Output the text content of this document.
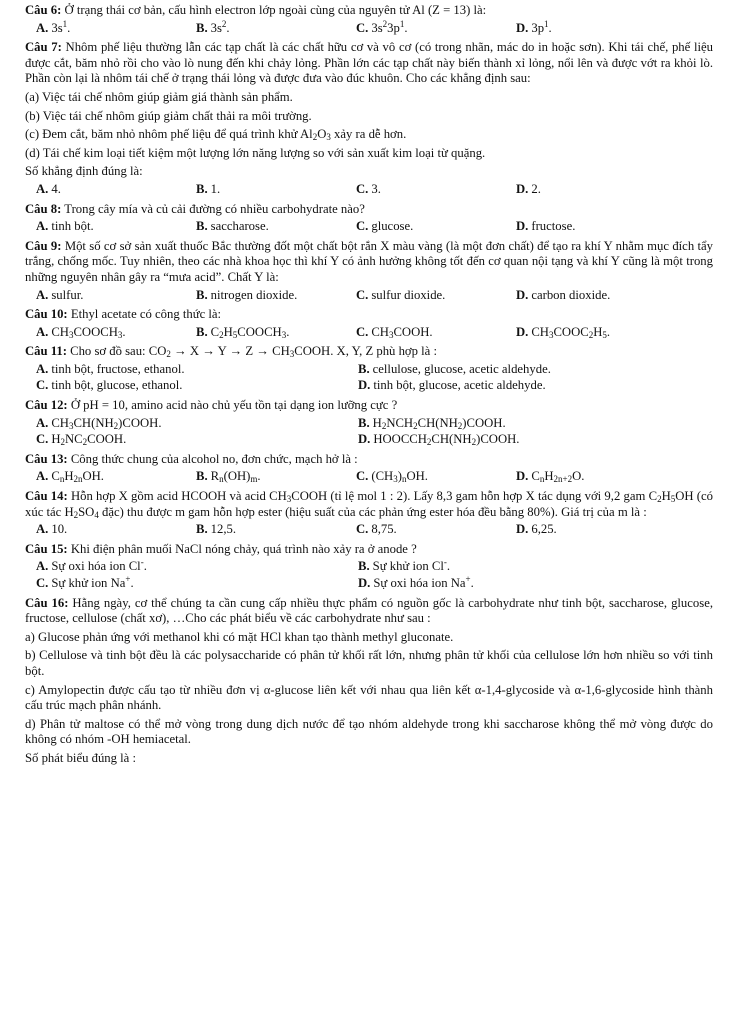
Câu 6: Ở trạng thái cơ bản, cấu hình electron lớp ngoài cùng của nguyên tử Al (Z = 13) là:
A. $3s^1$.	B. $3s^2$.	C. $3s^23p^1$.	D. $3p^1$.
Câu 7: Nhôm phế liệu thường lẫn các tạp chất là các chất hữu cơ và vô cơ (có trong nhãn, mác do in hoặc sơn). Khi tái chế, phế liệu được cắt, băm nhỏ rồi cho vào lò nung đến khi chảy lỏng. Phần lớn các tạp chất này biến thành xỉ lỏng, nổi lên và được vớt ra khỏi lò. Phần còn lại là nhôm tái chế ở trạng thái lỏng và được đưa vào đúc khuôn. Cho các khẳng định sau:
(a) Việc tái chế nhôm giúp giảm giá thành sản phẩm.
(b) Việc tái chế nhôm giúp giảm chất thải ra môi trường.
(c) Đem cắt, băm nhỏ nhôm phế liệu để quá trình khử $Al_2O_3$ xảy ra dễ hơn.
(d) Tái chế kim loại tiết kiệm một lượng lớn năng lượng so với sản xuất kim loại từ quặng.
Số khẳng định đúng là:
A. 4.	B. 1.	C. 3.	D. 2.
Câu 8: Trong cây mía và củ cải đường có nhiều carbohydrate nào?
A. tinh bột.	B. saccharose.	C. glucose.	D. fructose.
Câu 9: Một số cơ sở sản xuất thuốc Bắc thường đốt một chất bột rắn X màu vàng (là một đơn chất) để tạo ra khí Y nhằm mục đích tẩy trắng, chống mốc. Tuy nhiên, theo các nhà khoa học thì khí Y có ảnh hưởng không tốt đến cơ quan nội tạng và khí Y cũng là một trong những nguyên nhân gây ra “mưa acid”. Chất Y là:
A. sulfur.	B. nitrogen dioxide.	C. sulfur dioxide.	D. carbon dioxide.
Câu 10: Ethyl acetate có công thức là:
A. $CH_3COOCH_3$.	B. $C_2H_5COOCH_3$.	C. $CH_3COOH$.	D. $CH_3COOC_2H_5$.
Câu 11: Cho sơ đồ sau: $CO_2 \to X \to Y \to Z$ → $CH_3COOH$. X, Y, Z phù hợp là :
A. tinh bột, fructose, ethanol.	B. cellulose, glucose, acetic aldehyde.
C. tinh bột, glucose, ethanol.	D. tinh bột, glucose, acetic aldehyde.
Câu 12: Ở pH = 10, amino acid nào chủ yếu tồn tại dạng ion lưỡng cực ?
A. $CH_3CH(NH_2)COOH$.	B. $H_2NCH_2CH(NH_2)COOH$.
C. $H_2NC_2COOH$.	D. $HOOCCH_2CH(NH_2)COOH$.
Câu 13: Công thức chung của alcohol no, đơn chức, mạch hở là :
A. $C_nH_{2n}OH$.	B. $R_n(OH)_m$.	C. $(CH_3)_nOH$.	D. $C_nH_{2n+2}O$.
Câu 14: Hỗn hợp X gồm acid HCOOH và acid $CH_3COOH$ (tỉ lệ mol 1 : 2). Lấy 8,3 gam hỗn hợp X tác dụng với 9,2 gam $C_2H_5OH$ (có xúc tác $H_2SO_4$ đặc) thu được m gam hỗn hợp ester (hiệu suất của các phản ứng ester hóa đều bằng 80%). Giá trị của m là :
A. 10.	B. 12,5.	C. 8,75.	D. 6,25.
Câu 15: Khi điện phân muối NaCl nóng chảy, quá trình nào xảy ra ở anode ?
A. Sự oxi hóa ion Cl-.	B. Sự khử ion Cl-.
C. Sự khử ion Na+.	D. Sự oxi hóa ion Na+.
Câu 16: Hằng ngày, cơ thể chúng ta cần cung cấp nhiều thực phẩm có nguồn gốc là carbohydrate như tinh bột, saccharose, glucose, fructose, cellulose (chất xơ), …Cho các phát biểu về các carbohydrate như sau :
a) Glucose phản ứng với methanol khi có mặt HCl khan tạo thành methyl gluconate.
b) Cellulose và tinh bột đều là các polysaccharide có phân tử khối rất lớn, nhưng phân tử khối của cellulose lớn hơn nhiều so với tinh bột.
c) Amylopectin được cấu tạo từ nhiều đơn vị α-glucose liên kết với nhau qua liên kết α-1,4-glycoside và α-1,6-glycoside hình thành cấu trúc mạch phân nhánh.
d) Phân tử maltose có thể mở vòng trong dung dịch nước để tạo nhóm aldehyde trong khi saccharose không thể mở vòng được do không có nhóm -OH hemiacetal.
Số phát biểu đúng là :
